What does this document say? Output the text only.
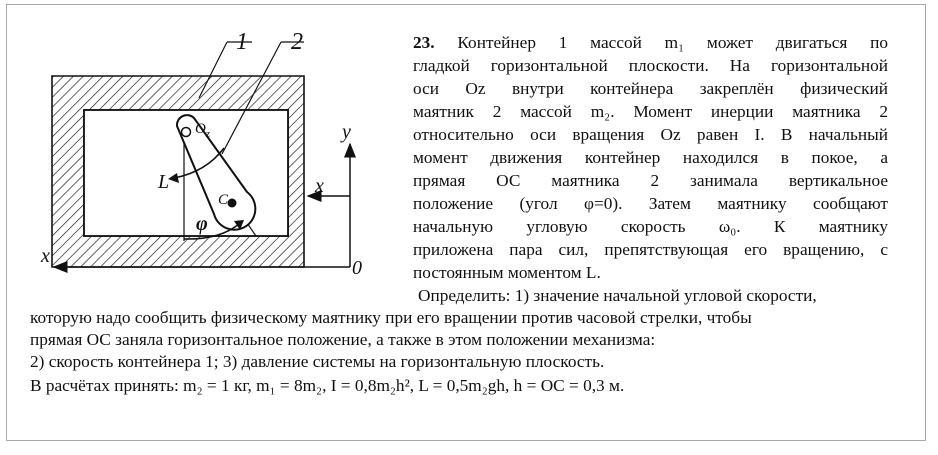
1 2
$O_z$	y
L
C
x
x
φ
0
23. Контейнер 1 массой m₁ может двигаться по
гладкой горизонтальной плоскости. На горизонтальной
оси Oz внутри контейнера закреплён физический
маятник 2 массой m₂. Момент инерции маятника 2
относительно оси вращения Oz равен I. В начальный
момент движения контейнер находился в покое, а
прямая ОС маятника 2 занимала вертикальное
положение (угол φ=0). Затем маятнику сообщают
начальную угловую скорость ω₀. К маятнику
приложена пара сил, препятствующая его вращению, с
постоянным моментом L.
Определить: 1) значение начальной угловой скорости,
которую надо сообщить физическому маятнику при его вращении против часовой стрелки, чтобы
прямая ОС заняла горизонтальное положение, а также в этом положении механизма:
2) скорость контейнера 1; 3) давление системы на горизонтальную плоскость.
В расчётах принять: m₂ = 1 кг, m₁ = 8m₂, I = 0,8m₂h², L = 0,5m₂gh, h = OC = 0,3 м.
